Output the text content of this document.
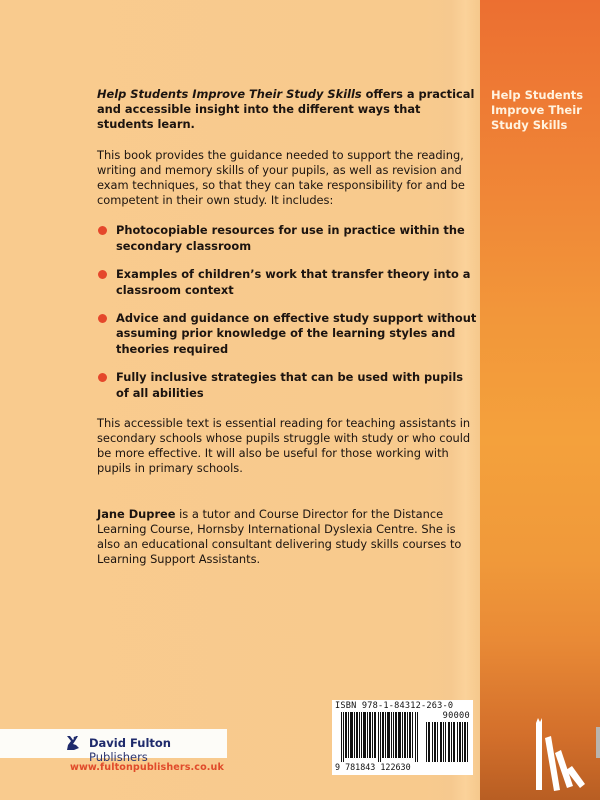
Help Students
Improve Their
Study Skills

Help Students Improve Their Study Skills offers a practical and accessible insight into the different ways that students learn.

This book provides the guidance needed to support the reading, writing and memory skills of your pupils, as well as revision and exam techniques, so that they can take responsibility for and be competent in their own study. It includes:

Photocopiable resources for use in practice within the secondary classroom
Examples of children’s work that transfer theory into a classroom context
Advice and guidance on effective study support without assuming prior knowledge of the learning styles and theories required
Fully inclusive strategies that can be used with pupils of all abilities

This accessible text is essential reading for teaching assistants in secondary schools whose pupils struggle with study or who could be more effective. It will also be useful for those working with pupils in primary schools.

Jane Dupree is a tutor and Course Director for the Distance Learning Course, Hornsby International Dyslexia Centre. She is also an educational consultant delivering study skills courses to Learning Support Assistants.

David Fulton Publishers
www.fultonpublishers.co.uk
ISBN 978-1-84312-263-0
90000
9 781843 122630
